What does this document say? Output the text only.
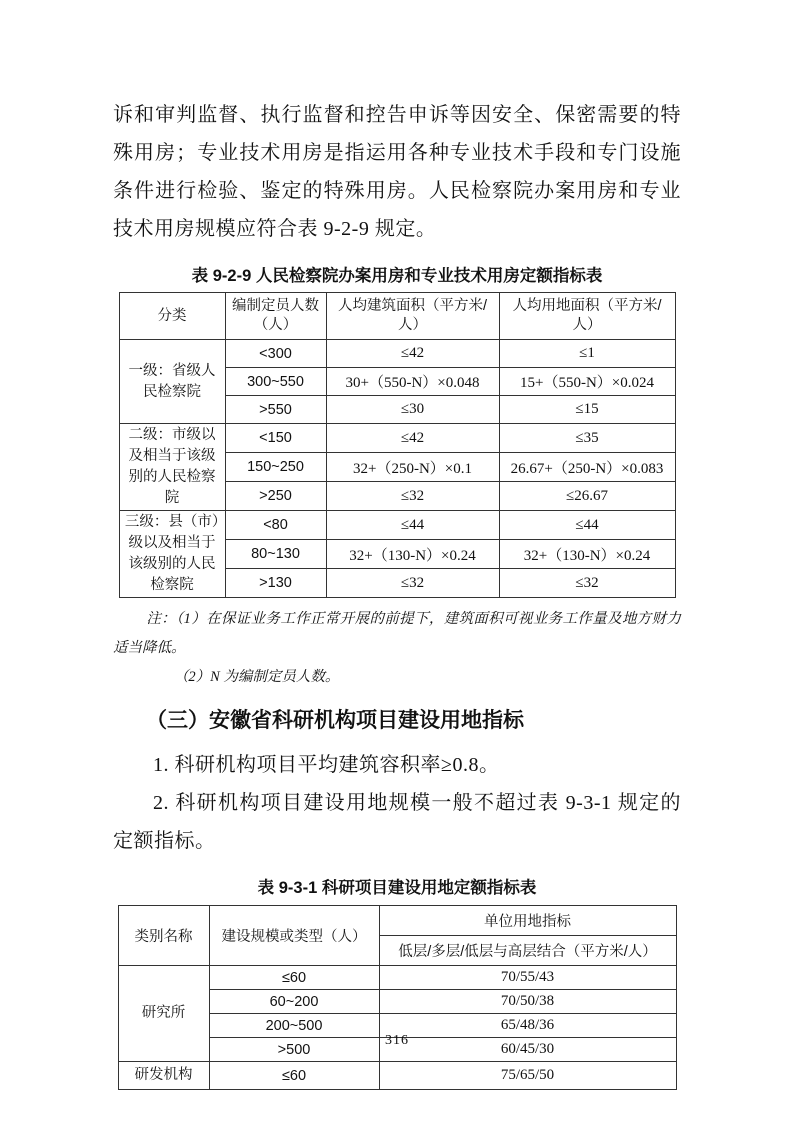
诉和审判监督、执行监督和控告申诉等因安全、保密需要的特殊用房；专业技术用房是指运用各种专业技术手段和专门设施条件进行检验、鉴定的特殊用房。人民检察院办案用房和专业技术用房规模应符合表 9-2-9 规定。

表 9-2-9 人民检察院办案用房和专业技术用房定额指标表
分类	编制定员人数（人）	人均建筑面积（平方米/人）	人均用地面积（平方米/人）
一级：省级人民检察院	<300	≤42	≤1
	300~550	30+（550-N）×0.048	15+（550-N）×0.024
	>550	≤30	≤15
二级：市级以及相当于该级别的人民检察院	<150	≤42	≤35
	150~250	32+（250-N）×0.1	26.67+（250-N）×0.083
	>250	≤32	≤26.67
三级：县（市）级以及相当于该级别的人民检察院	<80	≤44	≤44
	80~130	32+（130-N）×0.24	32+（130-N）×0.24
	>130	≤32	≤32

注：（1）在保证业务工作正常开展的前提下，建筑面积可视业务工作量及地方财力适当降低。

（2）N 为编制定员人数。

（三）安徽省科研机构项目建设用地指标

1. 科研机构项目平均建筑容积率≥0.8。

2. 科研机构项目建设用地规模一般不超过表 9-3-1 规定的定额指标。

表 9-3-1 科研项目建设用地定额指标表
类别名称	建设规模或类型（人）	单位用地指标
		低层/多层/低层与高层结合（平方米/人）
研究所	≤60	70/55/43
	60~200	70/50/38
	200~500	65/48/36
	>500	60/45/30
研发机构	≤60	75/65/50
316
